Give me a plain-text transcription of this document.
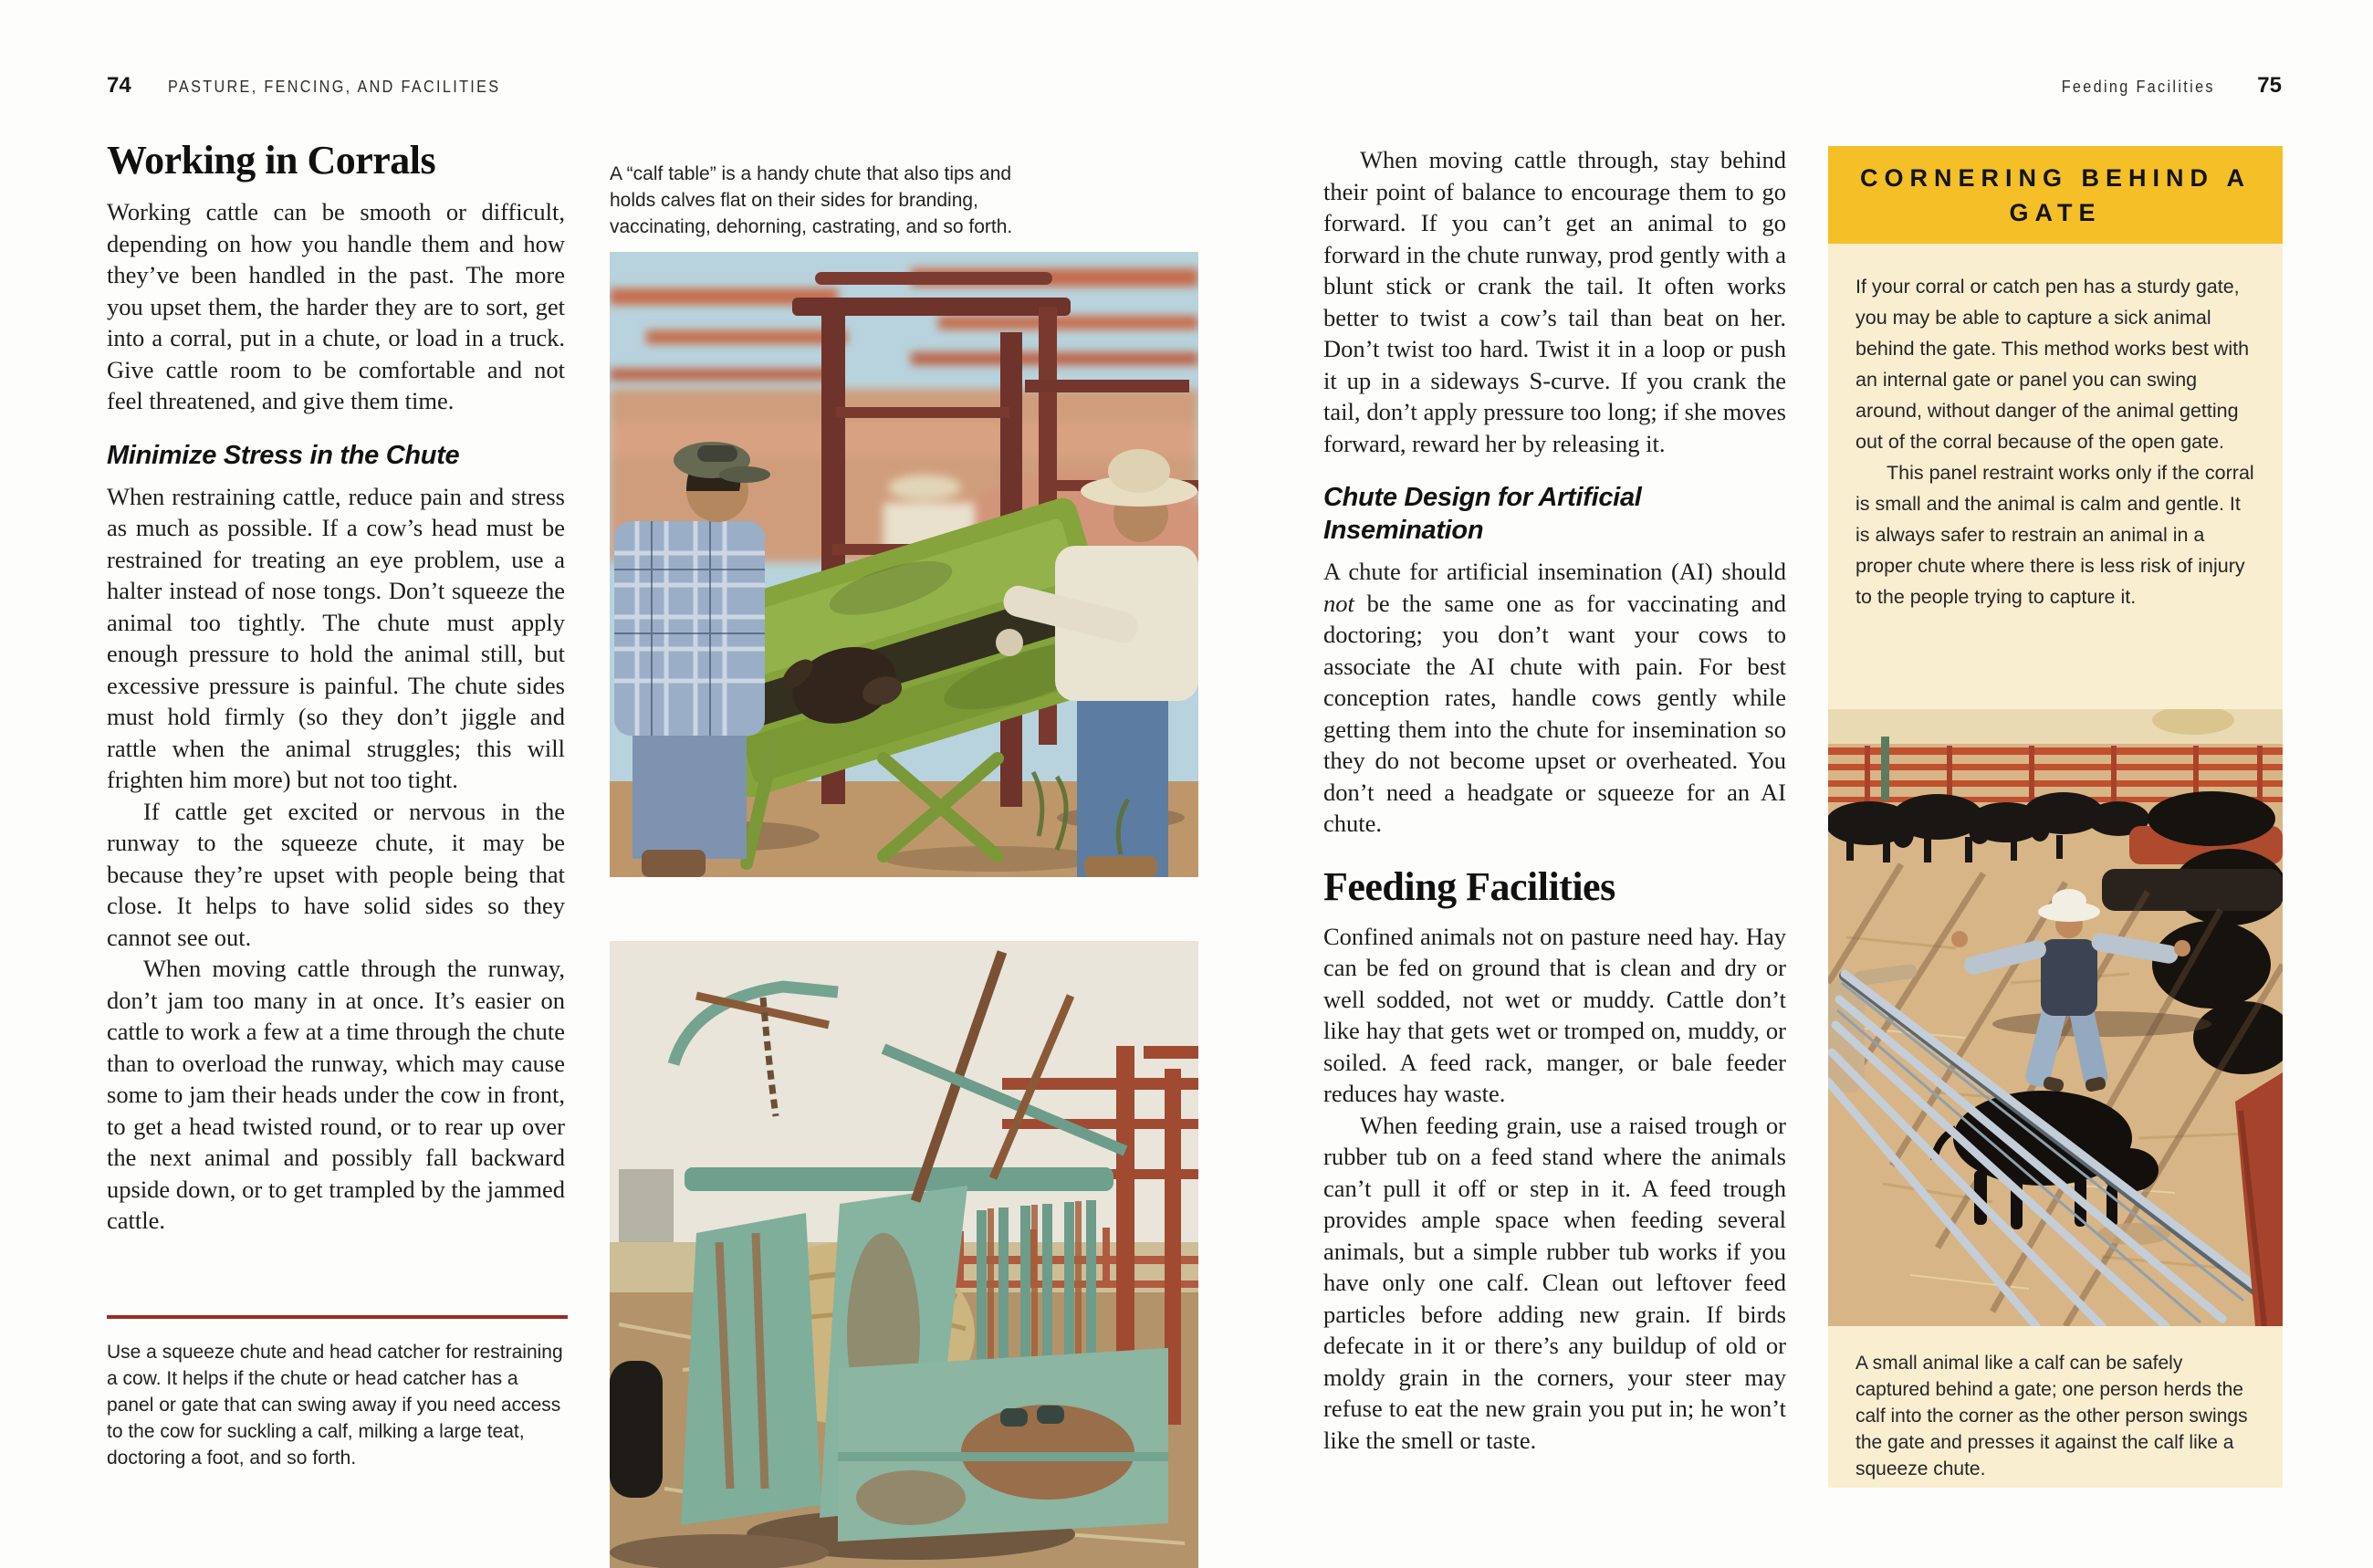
74 PASTURE, FENCING, AND FACILITIES	Feeding Facilities 75
Working in Corrals

Working cattle can be smooth or difficult, depending on how you handle them and how they’ve been handled in the past. The more you upset them, the harder they are to sort, get into a corral, put in a chute, or load in a truck. Give cattle room to be comfortable and not feel threatened, and give them time.

Minimize Stress in the Chute

When restraining cattle, reduce pain and stress as much as possible. If a cow’s head must be restrained for treating an eye problem, use a halter instead of nose tongs. Don’t squeeze the animal too tightly. The chute must apply enough pressure to hold the animal still, but excessive pressure is painful. The chute sides must hold firmly (so they don’t jiggle and rattle when the animal struggles; this will frighten him more) but not too tight.

If cattle get excited or nervous in the runway to the squeeze chute, it may be because they’re upset with people being that close. It helps to have solid sides so they cannot see out.

When moving cattle through the runway, don’t jam too many in at once. It’s easier on cattle to work a few at a time through the chute than to overload the runway, which may cause some to jam their heads under the cow in front, to get a head twisted round, or to rear up over the next animal and possibly fall backward upside down, or to get trampled by the jammed cattle.

Use a squeeze chute and head catcher for restraining a cow. It helps if the chute or head catcher has a panel or gate that can swing away if you need access to the cow for suckling a calf, milking a large teat, doctoring a foot, and so forth.

A “calf table” is a handy chute that also tips and holds calves flat on their sides for branding, vaccinating, dehorning, castrating, and so forth.

When moving cattle through, stay behind their point of balance to encourage them to go forward. If you can’t get an animal to go forward in the chute runway, prod gently with a blunt stick or crank the tail. It often works better to twist a cow’s tail than beat on her. Don’t twist too hard. Twist it in a loop or push it up in a sideways S-curve. If you crank the tail, don’t apply pressure too long; if she moves forward, reward her by releasing it.

Chute Design for Artificial Insemination

A chute for artificial insemination (AI) should not be the same one as for vaccinating and doctoring; you don’t want your cows to associate the AI chute with pain. For best conception rates, handle cows gently while getting them into the chute for insemination so they do not become upset or overheated. You don’t need a headgate or squeeze for an AI chute.

Feeding Facilities

Confined animals not on pasture need hay. Hay can be fed on ground that is clean and dry or well sodded, not wet or muddy. Cattle don’t like hay that gets wet or tromped on, muddy, or soiled. A feed rack, manger, or bale feeder reduces hay waste.

When feeding grain, use a raised trough or rubber tub on a feed stand where the animals can’t pull it off or step in it. A feed trough provides ample space when feeding several animals, but a simple rubber tub works if you have only one calf. Clean out leftover feed particles before adding new grain. If birds defecate in it or there’s any buildup of old or moldy grain in the corners, your steer may refuse to eat the new grain you put in; he won’t like the smell or taste.

CORNERING BEHIND A GATE

If your corral or catch pen has a sturdy gate, you may be able to capture a sick animal behind the gate. This method works best with an internal gate or panel you can swing around, without danger of the animal getting out of the corral because of the open gate.

This panel restraint works only if the corral is small and the animal is calm and gentle. It is always safer to restrain an animal in a proper chute where there is less risk of injury to the people trying to capture it.

A small animal like a calf can be safely captured behind a gate; one person herds the calf into the corner as the other person swings the gate and presses it against the calf like a squeeze chute.
